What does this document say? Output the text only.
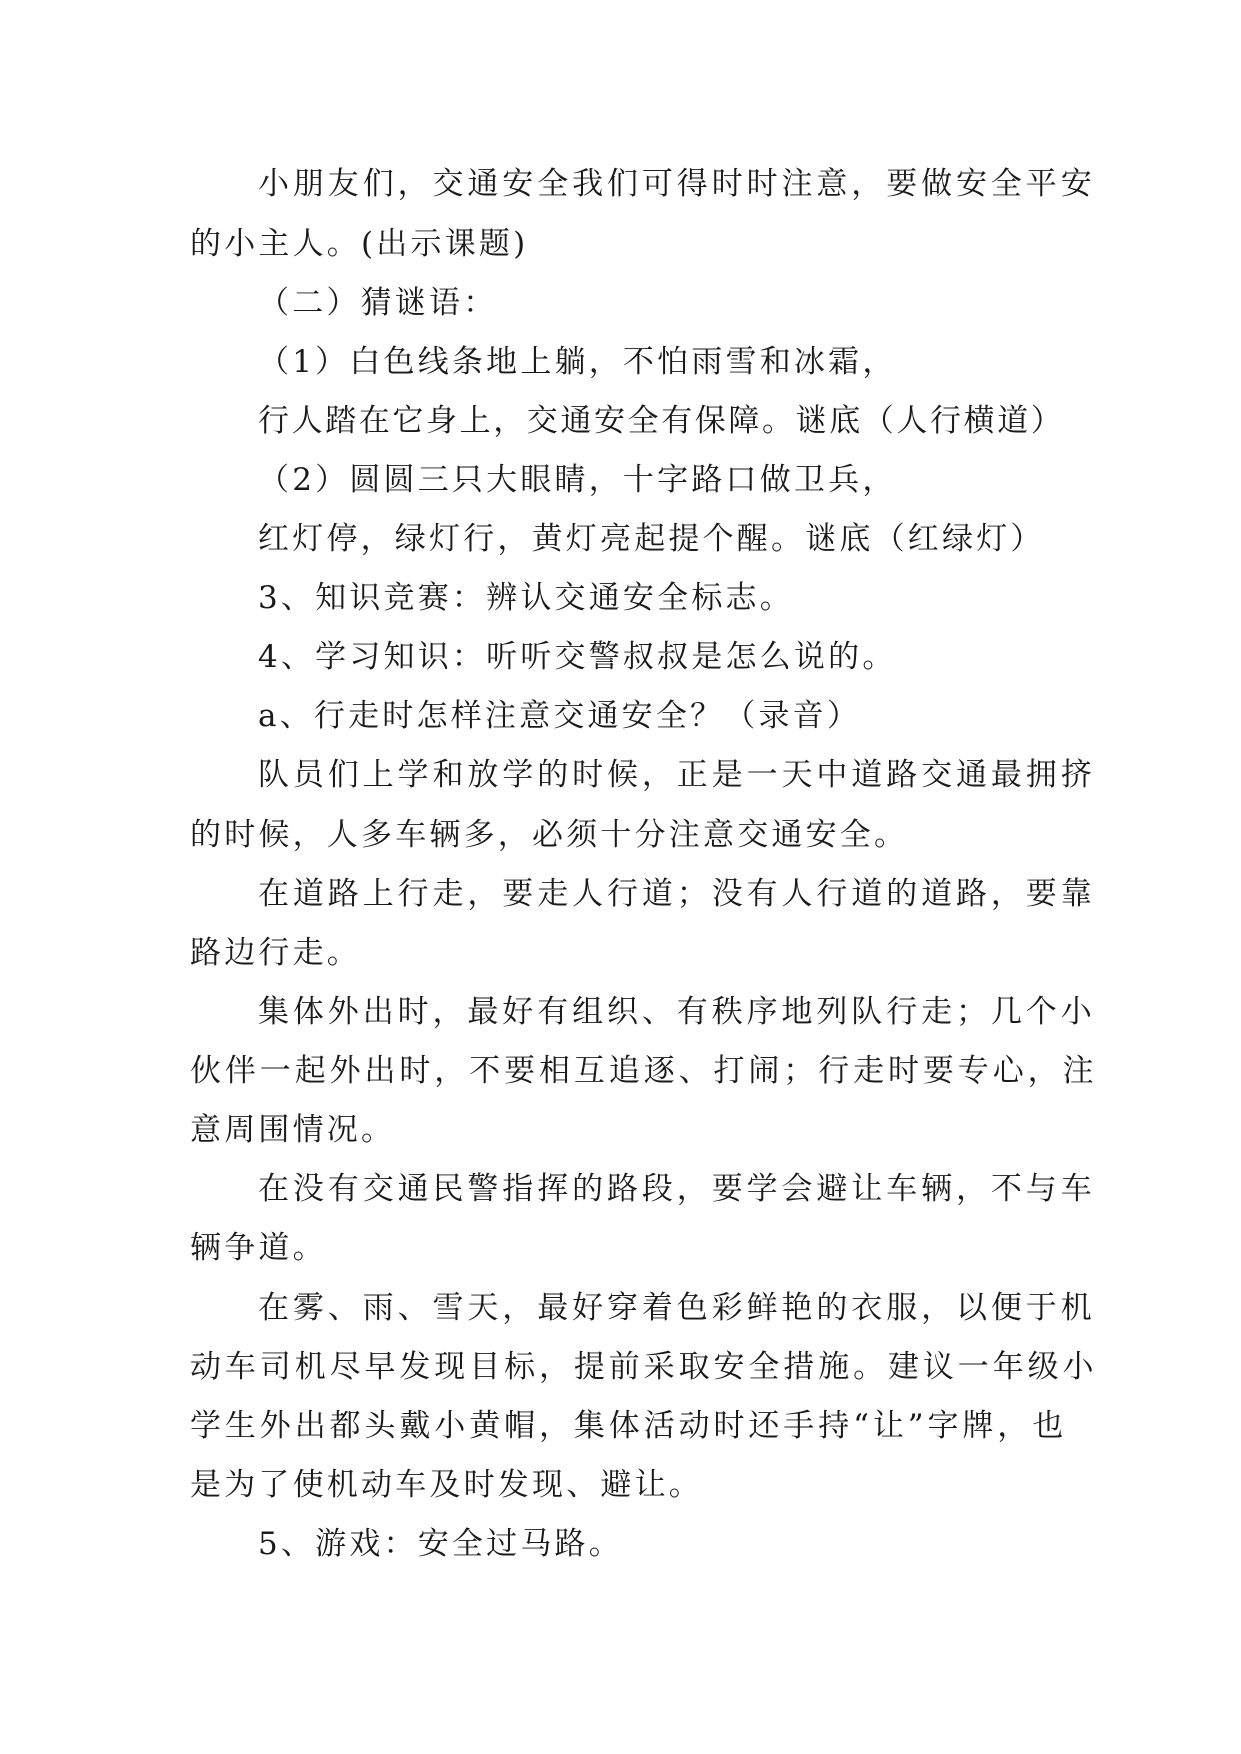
小朋友们，交通安全我们可得时时注意，要做安全平安
的小主人。(出示课题)
（二）猜谜语：
（1）白色线条地上躺，不怕雨雪和冰霜，
行人踏在它身上，交通安全有保障。谜底（人行横道）
（2）圆圆三只大眼睛，十字路口做卫兵，
红灯停，绿灯行，黄灯亮起提个醒。谜底（红绿灯）
3、知识竞赛：辨认交通安全标志。
4、学习知识：听听交警叔叔是怎么说的。
a、行走时怎样注意交通安全？（录音）
队员们上学和放学的时候，正是一天中道路交通最拥挤
的时候，人多车辆多，必须十分注意交通安全。
在道路上行走，要走人行道；没有人行道的道路，要靠
路边行走。
集体外出时，最好有组织、有秩序地列队行走；几个小
伙伴一起外出时，不要相互追逐、打闹；行走时要专心，注
意周围情况。
在没有交通民警指挥的路段，要学会避让车辆，不与车
辆争道。
在雾、雨、雪天，最好穿着色彩鲜艳的衣服，以便于机
动车司机尽早发现目标，提前采取安全措施。建议一年级小
学生外出都头戴小黄帽，集体活动时还手持“让”字牌，也
是为了使机动车及时发现、避让。
5、游戏：安全过马路。
